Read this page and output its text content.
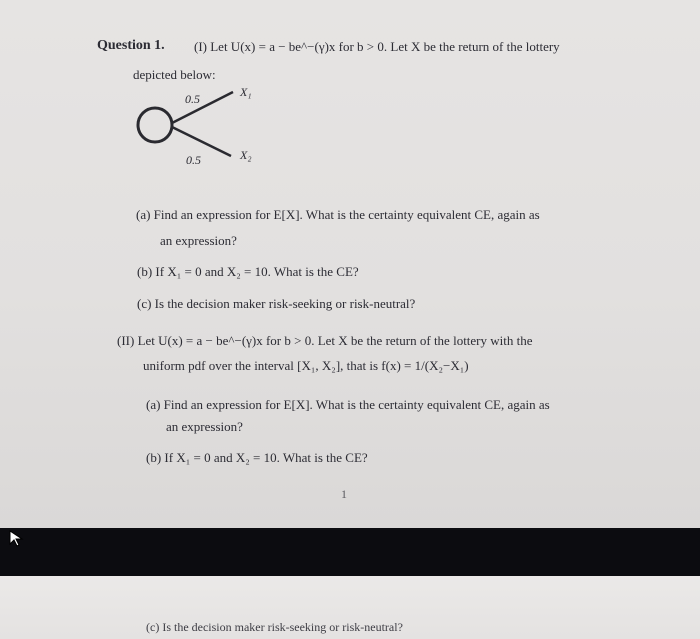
Question 1. (I) Let U(x) = a − be^−(γ)x for b > 0. Let X be the return of the lottery
depicted below:
0.5
0.5
X₁
X₂
(a) Find an expression for E[X]. What is the certainty equivalent CE, again as
an expression?
(b) If X₁ = 0 and X₂ = 10. What is the CE?
(c) Is the decision maker risk-seeking or risk-neutral?
(II) Let U(x) = a − be^−(γ)x for b > 0. Let X be the return of the lottery with the
uniform pdf over the interval [X₁, X₂], that is f(x) = 1/(X₂−X₁)
(a) Find an expression for E[X]. What is the certainty equivalent CE, again as
an expression?
(b) If X₁ = 0 and X₂ = 10. What is the CE?
1
(c) Is the decision maker risk-seeking or risk-neutral?
